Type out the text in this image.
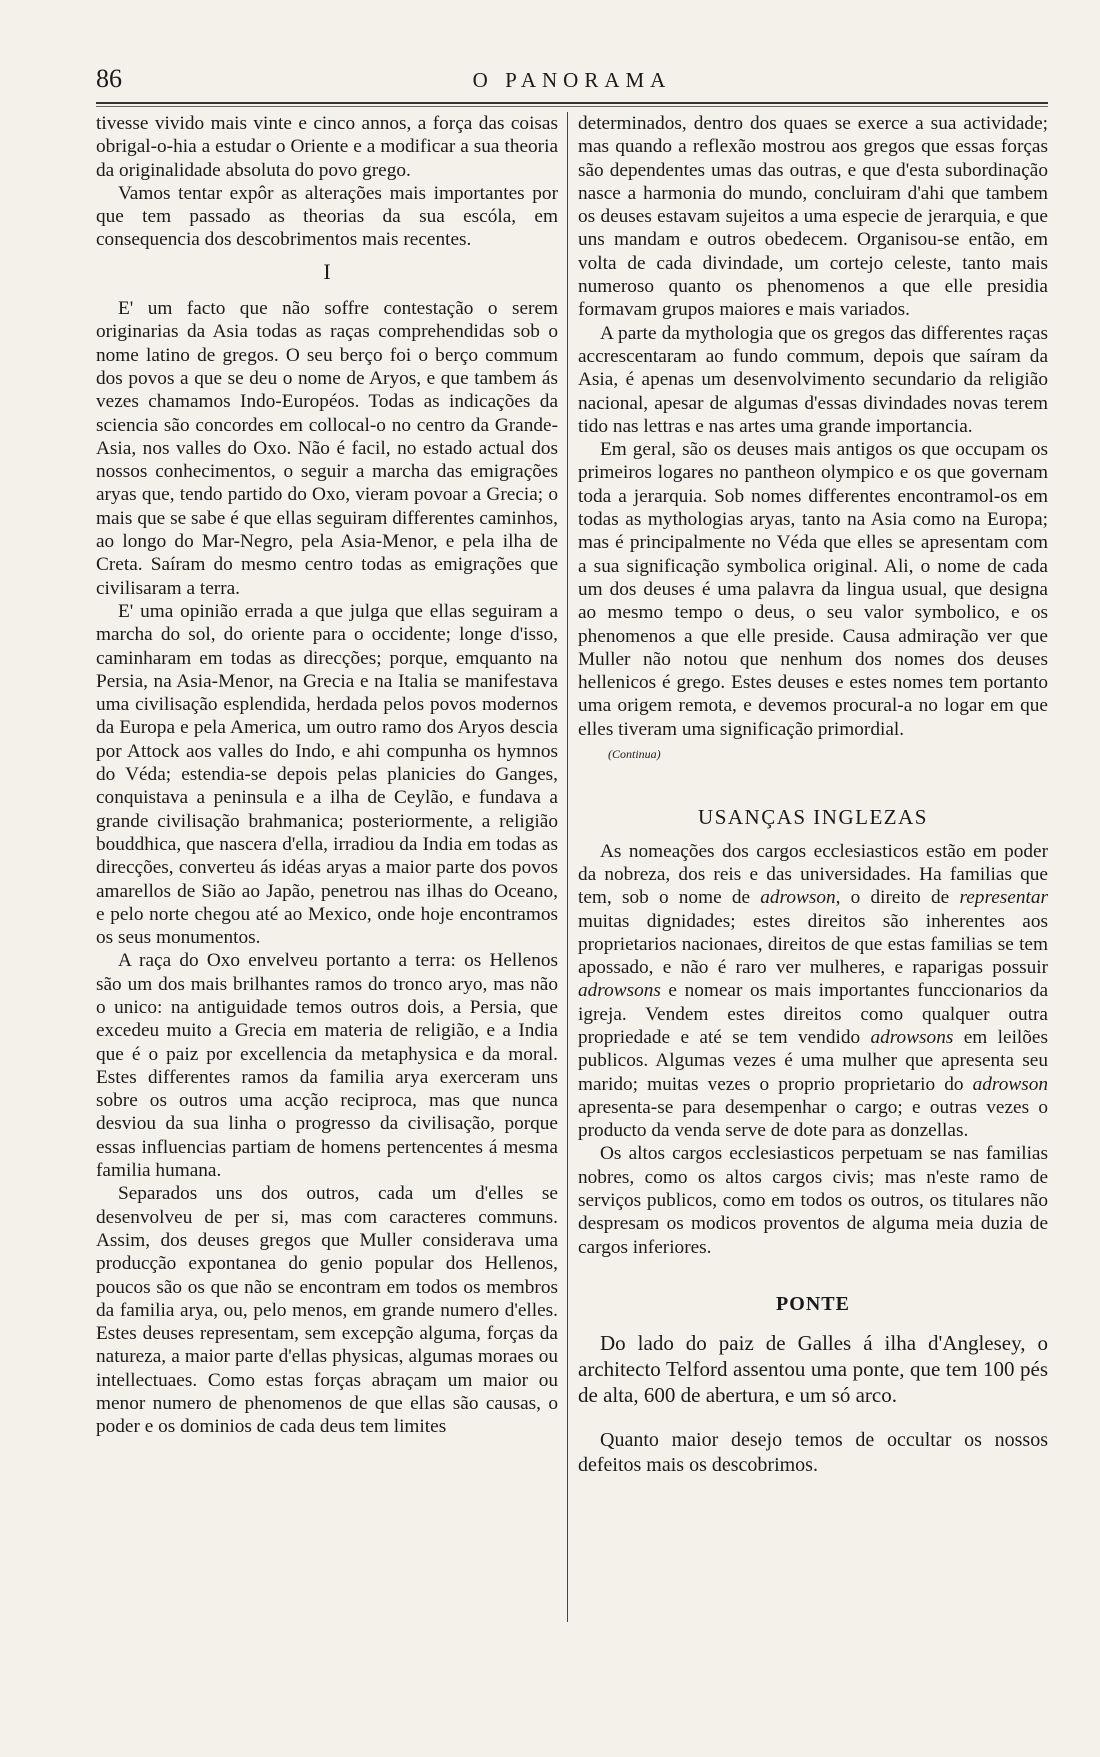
86	O PANORAMA

tivesse vivido mais vinte e cinco annos, a força das coisas obrigal-o-hia a estudar o Oriente e a modificar a sua theoria da originalidade absoluta do povo grego.

Vamos tentar expôr as alterações mais importantes por que tem passado as theorias da sua escóla, em consequencia dos descobrimentos mais recentes.

I

E' um facto que não soffre contestação o serem originarias da Asia todas as raças comprehendidas sob o nome latino de gregos. O seu berço foi o berço commum dos povos a que se deu o nome de Aryos, e que tambem ás vezes chamamos Indo-Européos. Todas as indicações da sciencia são concordes em collocal-o no centro da Grande-Asia, nos valles do Oxo. Não é facil, no estado actual dos nossos conhecimentos, o seguir a marcha das emigrações aryas que, tendo partido do Oxo, vieram povoar a Grecia; o mais que se sabe é que ellas seguiram differentes caminhos, ao longo do Mar-Negro, pela Asia-Menor, e pela ilha de Creta. Saíram do mesmo centro todas as emigrações que civilisaram a terra.

E' uma opinião errada a que julga que ellas seguiram a marcha do sol, do oriente para o occidente; longe d'isso, caminharam em todas as direcções; porque, emquanto na Persia, na Asia-Menor, na Grecia e na Italia se manifestava uma civilisação esplendida, herdada pelos povos modernos da Europa e pela America, um outro ramo dos Aryos descia por Attock aos valles do Indo, e ahi compunha os hymnos do Véda; estendia-se depois pelas planicies do Ganges, conquistava a peninsula e a ilha de Ceylão, e fundava a grande civilisação brahmanica; posteriormente, a religião bouddhica, que nascera d'ella, irradiou da India em todas as direcções, converteu ás idéas aryas a maior parte dos povos amarellos de Sião ao Japão, penetrou nas ilhas do Oceano, e pelo norte chegou até ao Mexico, onde hoje encontramos os seus monumentos.

A raça do Oxo envelveu portanto a terra: os Hellenos são um dos mais brilhantes ramos do tronco aryo, mas não o unico: na antiguidade temos outros dois, a Persia, que excedeu muito a Grecia em materia de religião, e a India que é o paiz por excellencia da metaphysica e da moral. Estes differentes ramos da familia arya exerceram uns sobre os outros uma acção reciproca, mas que nunca desviou da sua linha o progresso da civilisação, porque essas influencias partiam de homens pertencentes á mesma familia humana.

Separados uns dos outros, cada um d'elles se desenvolveu de per si, mas com caracteres communs. Assim, dos deuses gregos que Muller considerava uma producção expontanea do genio popular dos Hellenos, poucos são os que não se encontram em todos os membros da familia arya, ou, pelo menos, em grande numero d'elles. Estes deuses representam, sem excepção alguma, forças da natureza, a maior parte d'ellas physicas, algumas moraes ou intellectuaes. Como estas forças abraçam um maior ou menor numero de phenomenos de que ellas são causas, o poder e os dominios de cada deus tem limites

determinados, dentro dos quaes se exerce a sua actividade; mas quando a reflexão mostrou aos gregos que essas forças são dependentes umas das outras, e que d'esta subordinação nasce a harmonia do mundo, concluiram d'ahi que tambem os deuses estavam sujeitos a uma especie de jerarquia, e que uns mandam e outros obedecem. Organisou-se então, em volta de cada divindade, um cortejo celeste, tanto mais numeroso quanto os phenomenos a que elle presidia formavam grupos maiores e mais variados.

A parte da mythologia que os gregos das differentes raças accrescentaram ao fundo commum, depois que saíram da Asia, é apenas um desenvolvimento secundario da religião nacional, apesar de algumas d'essas divindades novas terem tido nas lettras e nas artes uma grande importancia.

Em geral, são os deuses mais antigos os que occupam os primeiros logares no pantheon olympico e os que governam toda a jerarquia. Sob nomes differentes encontramol-os em todas as mythologias aryas, tanto na Asia como na Europa; mas é principalmente no Véda que elles se apresentam com a sua significação symbolica original. Ali, o nome de cada um dos deuses é uma palavra da lingua usual, que designa ao mesmo tempo o deus, o seu valor symbolico, e os phenomenos a que elle preside. Causa admiração ver que Muller não notou que nenhum dos nomes dos deuses hellenicos é grego. Estes deuses e estes nomes tem portanto uma origem remota, e devemos procural-a no logar em que elles tiveram uma significação primordial.

(Continua)
USANÇAS INGLEZAS

As nomeações dos cargos ecclesiasticos estão em poder da nobreza, dos reis e das universidades. Ha familias que tem, sob o nome de adrowson, o direito de representar muitas dignidades; estes direitos são inherentes aos proprietarios nacionaes, direitos de que estas familias se tem apossado, e não é raro ver mulheres, e raparigas possuir adrowsons e nomear os mais importantes funccionarios da igreja. Vendem estes direitos como qualquer outra propriedade e até se tem vendido adrowsons em leilões publicos. Algumas vezes é uma mulher que apresenta seu marido; muitas vezes o proprio proprietario do adrowson apresenta-se para desempenhar o cargo; e outras vezes o producto da venda serve de dote para as donzellas.

Os altos cargos ecclesiasticos perpetuam se nas familias nobres, como os altos cargos civis; mas n'este ramo de serviços publicos, como em todos os outros, os titulares não despresam os modicos proventos de alguma meia duzia de cargos inferiores.

PONTE

Do lado do paiz de Galles á ilha d'Anglesey, o architecto Telford assentou uma ponte, que tem 100 pés de alta, 600 de abertura, e um só arco.

Quanto maior desejo temos de occultar os nossos defeitos mais os descobrimos.
